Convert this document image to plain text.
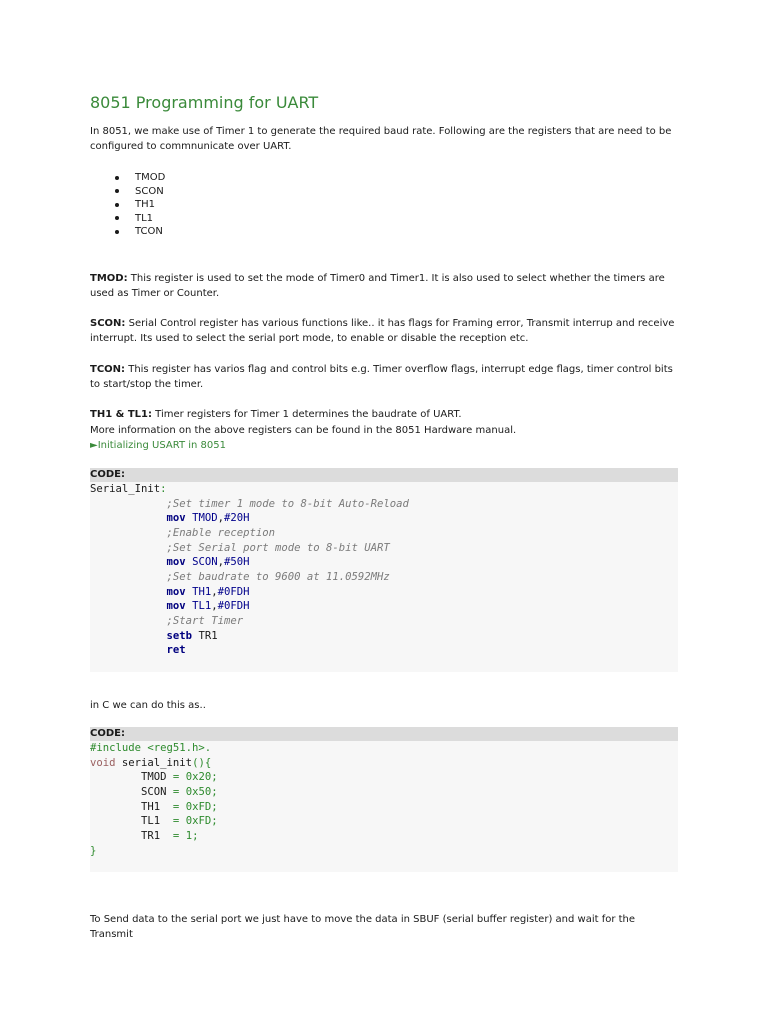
8051 Programming for UART

In 8051, we make use of Timer 1 to generate the required baud rate. Following are the registers that are need to be configured to commnunicate over UART.

TMOD
SCON
TH1
TL1
TCON

TMOD: This register is used to set the mode of Timer0 and Timer1. It is also used to select whether the timers are used as Timer or Counter.

SCON: Serial Control register has various functions like.. it has flags for Framing error, Transmit interrup and receive interrupt. Its used to select the serial port mode, to enable or disable the reception etc.

TCON: This register has varios flag and control bits e.g. Timer overflow flags, interrupt edge flags, timer control bits to start/stop the timer.

TH1 & TL1: Timer registers for Timer 1 determines the baudrate of UART.

More information on the above registers can be found in the 8051 Hardware manual.

►Initializing USART in 8051
CODE:
Serial_Init:
;Set timer 1 mode to 8-bit Auto-Reload
mov TMOD,#20H
;Enable reception
;Set Serial port mode to 8-bit UART
mov SCON,#50H
;Set baudrate to 9600 at 11.0592MHz
mov TH1,#0FDH
mov TL1,#0FDH
;Start Timer
setb TR1
ret

in C we can do this as..

CODE:
#include <reg51.h>.
void serial_init(){
TMOD = 0x20;
SCON = 0x50;
TH1  = 0xFD;
TL1  = 0xFD;
TR1  = 1;
}

To Send data to the serial port we just have to move the data in SBUF (serial buffer register) and wait for the Transmit
